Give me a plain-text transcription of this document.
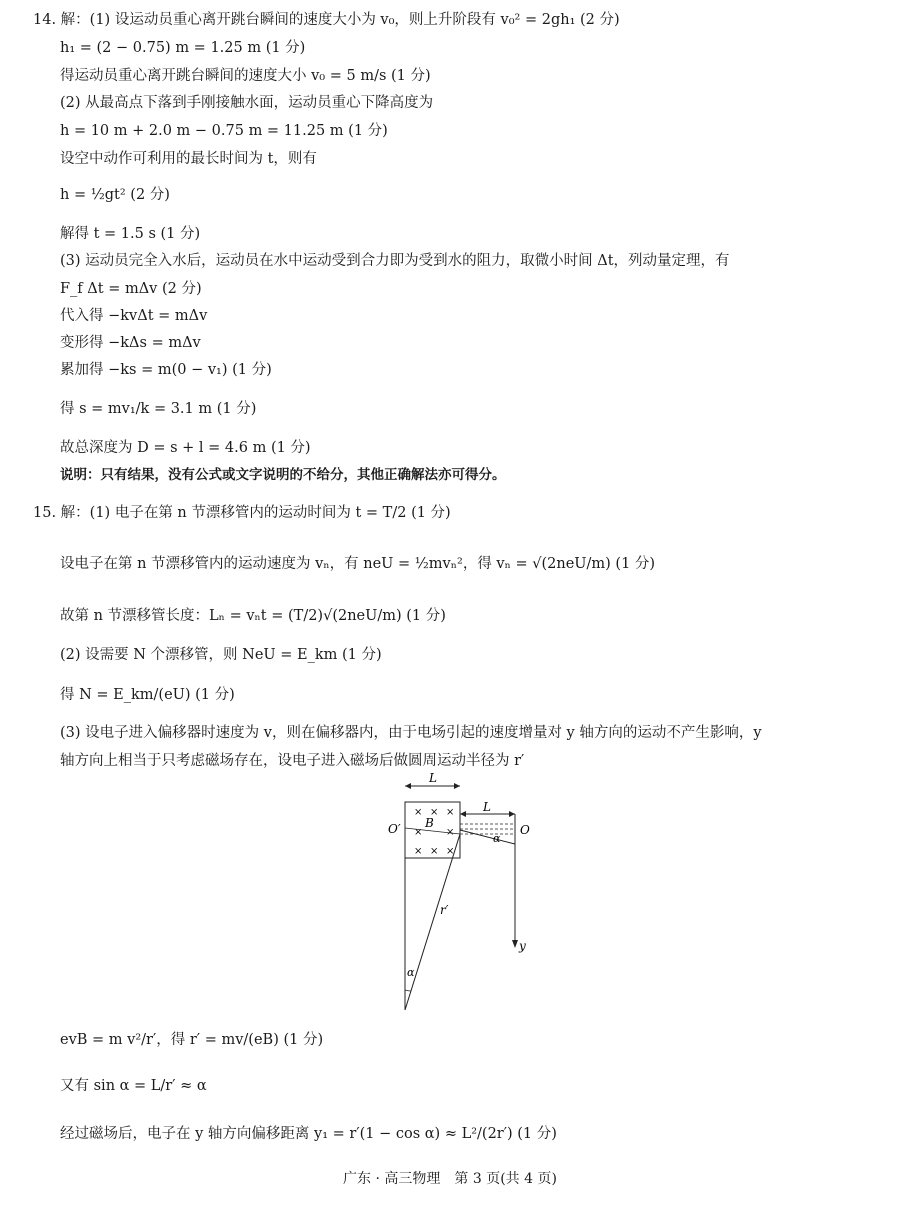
14. 解：(1) 设运动员重心离开跳台瞬间的速度大小为 v₀，则上升阶段有 v₀² = 2gh₁ (2 分)
h₁ = (2 − 0.75) m = 1.25 m (1 分)
得运动员重心离开跳台瞬间的速度大小 v₀ = 5 m/s (1 分)
(2) 从最高点下落到手刚接触水面，运动员重心下降高度为
h = 10 m + 2.0 m − 0.75 m = 11.25 m (1 分)
设空中动作可利用的最长时间为 t，则有
h = ½gt² (2 分)
解得 t = 1.5 s (1 分)
(3) 运动员完全入水后，运动员在水中运动受到合力即为受到水的阻力，取微小时间 Δt，列动量定理，有
F_f Δt = mΔv (2 分)
代入得 −kvΔt = mΔv
变形得 −kΔs = mΔv
累加得 −ks = m(0 − v₁) (1 分)
得 s = mv₁/k = 3.1 m (1 分)
故总深度为 D = s + l = 4.6 m (1 分)
说明：只有结果，没有公式或文字说明的不给分，其他正确解法亦可得分。
15. 解：(1) 电子在第 n 节漂移管内的运动时间为 t = T/2 (1 分)
设电子在第 n 节漂移管内的运动速度为 vₙ，有 neU = ½mvₙ²，得 vₙ = √(2neU/m) (1 分)
故第 n 节漂移管长度：Lₙ = vₙt = (T/2)√(2neU/m) (1 分)
(2) 设需要 N 个漂移管，则 NeU = E_km (1 分)
得 N = E_km/(eU) (1 分)
(3) 设电子进入偏移器时速度为 v，则在偏移器内，由于电场引起的速度增量对 y 轴方向的运动不产生影响，y
轴方向上相当于只考虑磁场存在，设电子进入磁场后做圆周运动半径为 r′
L
× × ×
× ×
× × ×
B
O′
L
α
O
y
r′
α
evB = m v²/r′，得 r′ = mv/(eB) (1 分)
又有 sin α = L/r′ ≈ α
经过磁场后，电子在 y 轴方向偏移距离 y₁ = r′(1 − cos α) ≈ L²/(2r′) (1 分)
广东 · 高三物理　第 3 页(共 4 页)
